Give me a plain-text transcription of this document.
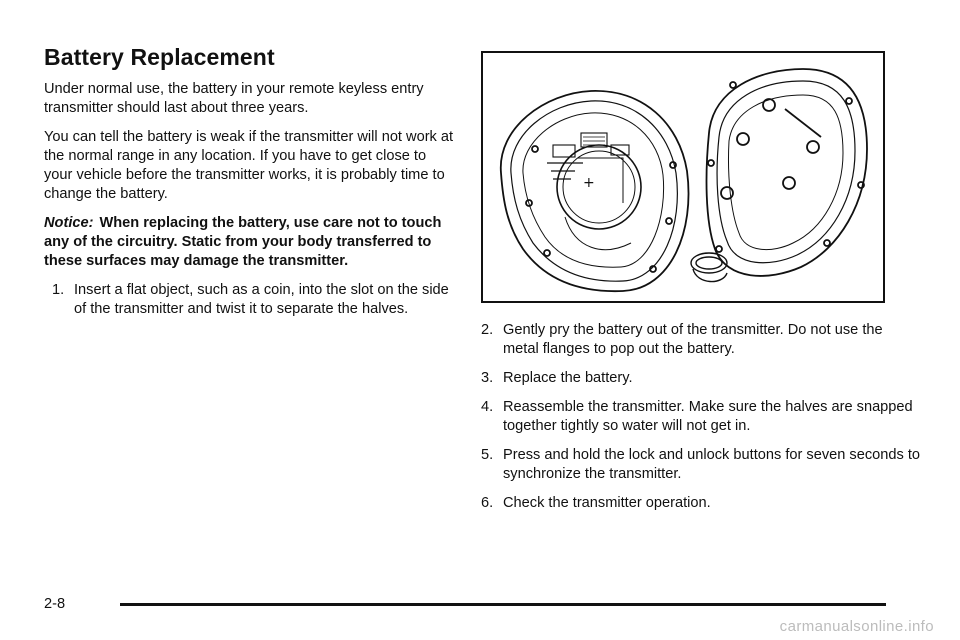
Battery Replacement

Under normal use, the battery in your remote keyless entry transmitter should last about three years.

You can tell the battery is weak if the transmitter will not work at the normal range in any location. If you have to get close to your vehicle before the transmitter works, it is probably time to change the battery.

Notice: When replacing the battery, use care not to touch any of the circuitry. Static from your body transferred to these surfaces may damage the transmitter.

1. Insert a flat object, such as a coin, into the slot on the side of the transmitter and twist it to separate the halves.
+
2. Gently pry the battery out of the transmitter. Do not use the metal flanges to pop out the battery.
3. Replace the battery.
4. Reassemble the transmitter. Make sure the halves are snapped together tightly so water will not get in.
5. Press and hold the lock and unlock buttons for seven seconds to synchronize the transmitter.
6. Check the transmitter operation.
2-8
carmanualsonline.info
